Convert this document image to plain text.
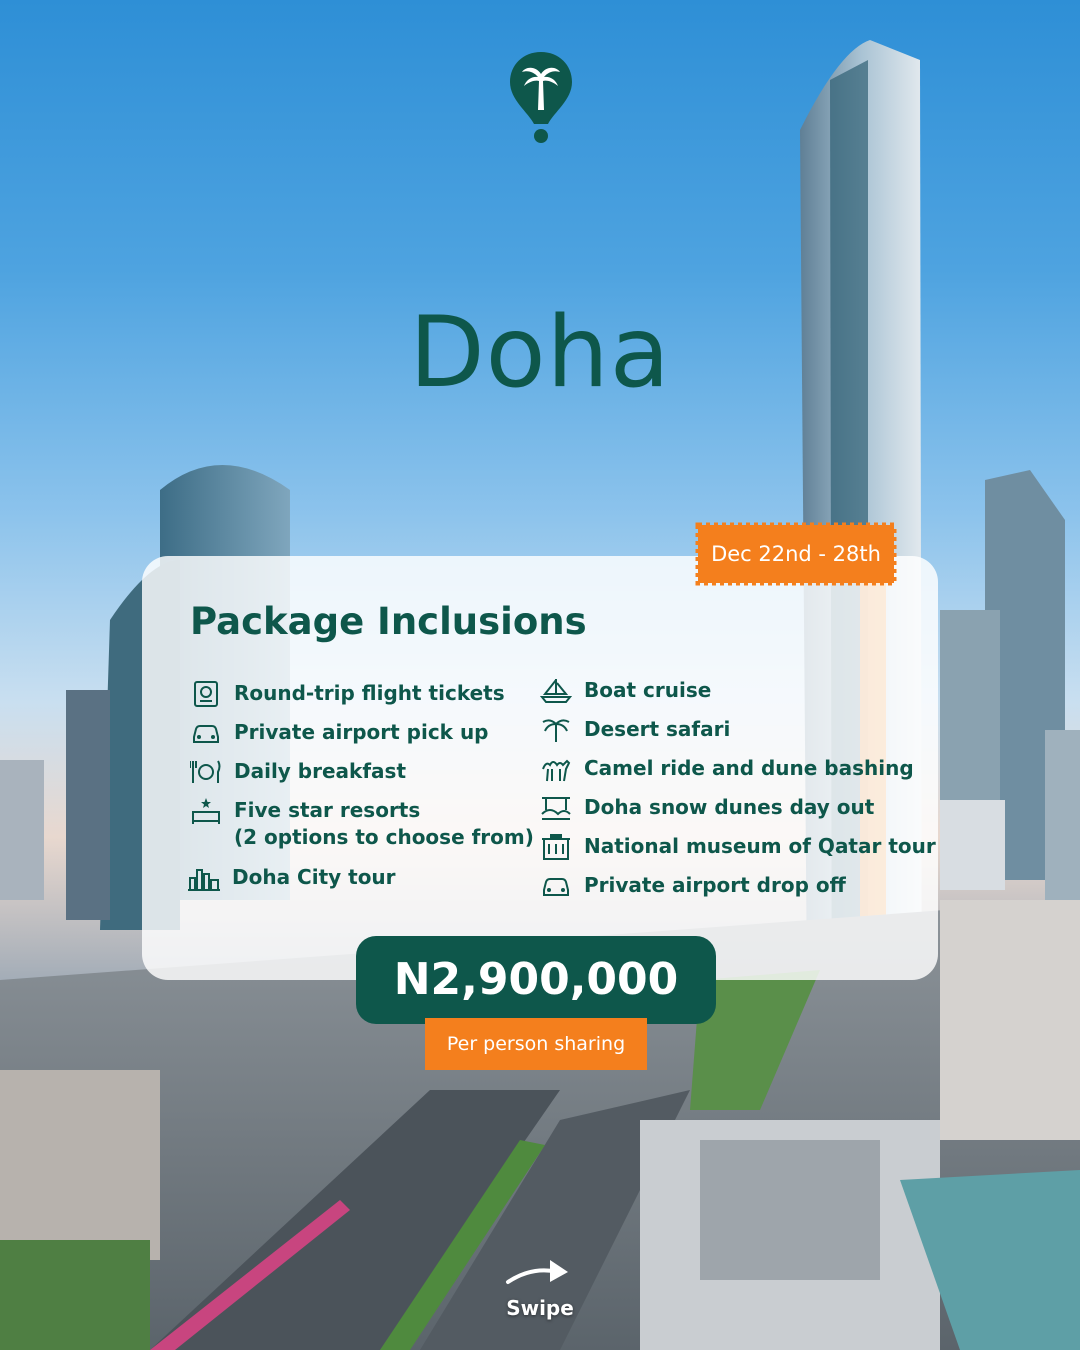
Doha
Dec 22nd - 28th
Package Inclusions
Round-trip flight tickets
Private airport pick up
Daily breakfast
Five star resorts
(2 options to choose from)
Doha City tour
Boat cruise
Desert safari
Camel ride and dune bashing
Doha snow dunes day out
National museum of Qatar tour
Private airport drop off
N2,900,000
Per person sharing
Swipe
